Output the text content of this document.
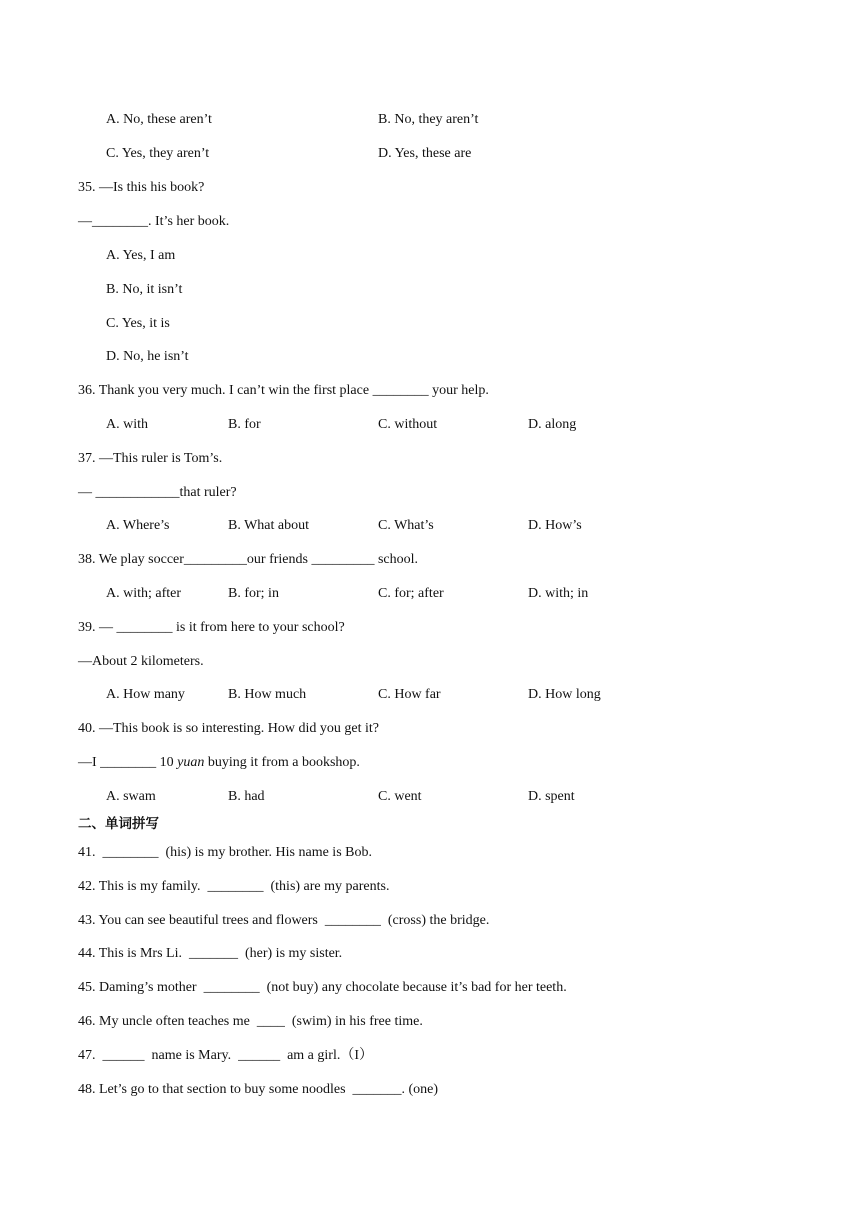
A. No, these aren’t	B. No, they aren’t
C. Yes, they aren’t	D. Yes, these are
35. —Is this his book?
—________. It’s her book.
A. Yes, I am
B. No, it isn’t
C. Yes, it is
D. No, he isn’t
36. Thank you very much. I can’t win the first place ________ your help.
A. with	B. for	C. without	D. along
37. —This ruler is Tom’s.
— ____________that ruler?
A. Where’s	B. What about	C. What’s	D. How’s
38. We play soccer_________our friends _________ school.
A. with; after	B. for; in	C. for; after	D. with; in
39. — ________ is it from here to your school?
—About 2 kilometers.
A. How many	B. How much	C. How far	D. How long
40. —This book is so interesting. How did you get it?
—I ________ 10 yuan buying it from a bookshop.
A. swam	B. had	C. went	D. spent
二、单词拼写
41.  ________  (his) is my brother. His name is Bob.
42. This is my family.  ________  (this) are my parents.
43. You can see beautiful trees and flowers  ________  (cross) the bridge.
44. This is Mrs Li.  _______  (her) is my sister.
45. Daming’s mother  ________  (not buy) any chocolate because it’s bad for her teeth.
46. My uncle often teaches me  ____  (swim) in his free time.
47.  ______  name is Mary.  ______  am a girl.（I）
48. Let’s go to that section to buy some noodles  _______. (one)
